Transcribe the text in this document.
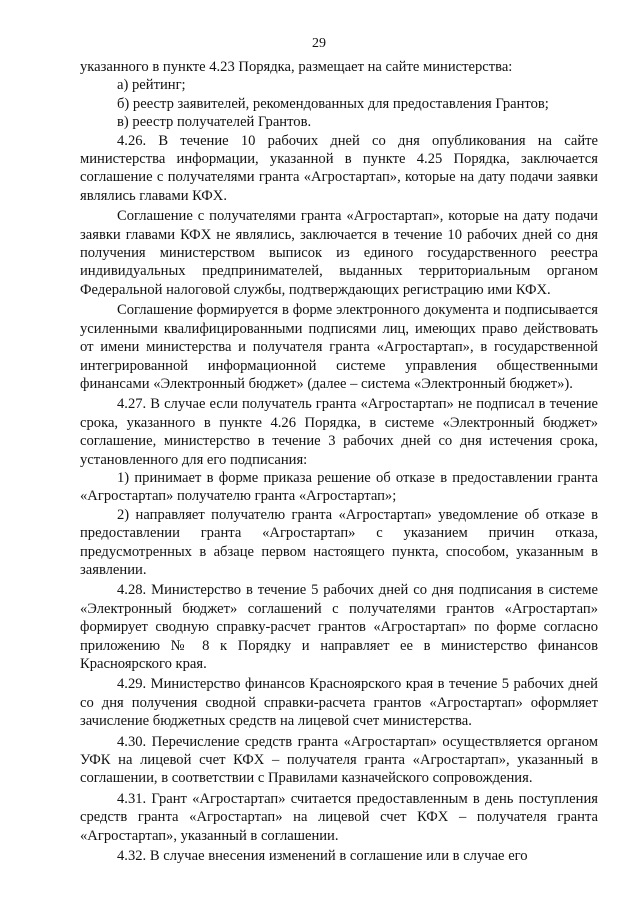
29

указанного в пункте 4.23 Порядка, размещает на сайте министерства:

а) рейтинг;

б) реестр заявителей, рекомендованных для предоставления Грантов;

в) реестр получателей Грантов.

4.26. В течение 10 рабочих дней со дня опубликования на сайте министерства информации, указанной в пункте 4.25 Порядка, заключается соглашение с получателями гранта «Агростартап», которые на дату подачи заявки являлись главами КФХ.

Соглашение с получателями гранта «Агростартап», которые на дату подачи заявки главами КФХ не являлись, заключается в течение 10 рабочих дней со дня получения министерством выписок из единого государственного реестра индивидуальных предпринимателей, выданных территориальным органом Федеральной налоговой службы, подтверждающих регистрацию ими КФХ.

Соглашение формируется в форме электронного документа и подписывается усиленными квалифицированными подписями лиц, имеющих право действовать от имени министерства и получателя гранта «Агростартап», в государственной интегрированной информационной системе управления общественными финансами «Электронный бюджет» (далее – система «Электронный бюджет»).

4.27. В случае если получатель гранта «Агростартап» не подписал в течение срока, указанного в пункте 4.26 Порядка, в системе «Электронный бюджет» соглашение, министерство в течение 3 рабочих дней со дня истечения срока, установленного для его подписания:

1) принимает в форме приказа решение об отказе в предоставлении гранта «Агростартап» получателю гранта «Агростартап»;

2) направляет получателю гранта «Агростартап» уведомление об отказе в предоставлении гранта «Агростартап» с указанием причин отказа, предусмотренных в абзаце первом настоящего пункта, способом, указанным в заявлении.

4.28. Министерство в течение 5 рабочих дней со дня подписания в системе «Электронный бюджет» соглашений с получателями грантов «Агростартап» формирует сводную справку-расчет грантов «Агростартап» по форме согласно приложению № 8 к Порядку и направляет ее в министерство финансов Красноярского края.

4.29. Министерство финансов Красноярского края в течение 5 рабочих дней со дня получения сводной справки-расчета грантов «Агростартап» оформляет зачисление бюджетных средств на лицевой счет министерства.

4.30. Перечисление средств гранта «Агростартап» осуществляется органом УФК на лицевой счет КФХ – получателя гранта «Агростартап», указанный в соглашении, в соответствии с Правилами казначейского сопровождения.

4.31. Грант «Агростартап» считается предоставленным в день поступления средств гранта «Агростартап» на лицевой счет КФХ – получателя гранта «Агростартап», указанный в соглашении.

4.32. В случае внесения изменений в соглашение или в случае его
